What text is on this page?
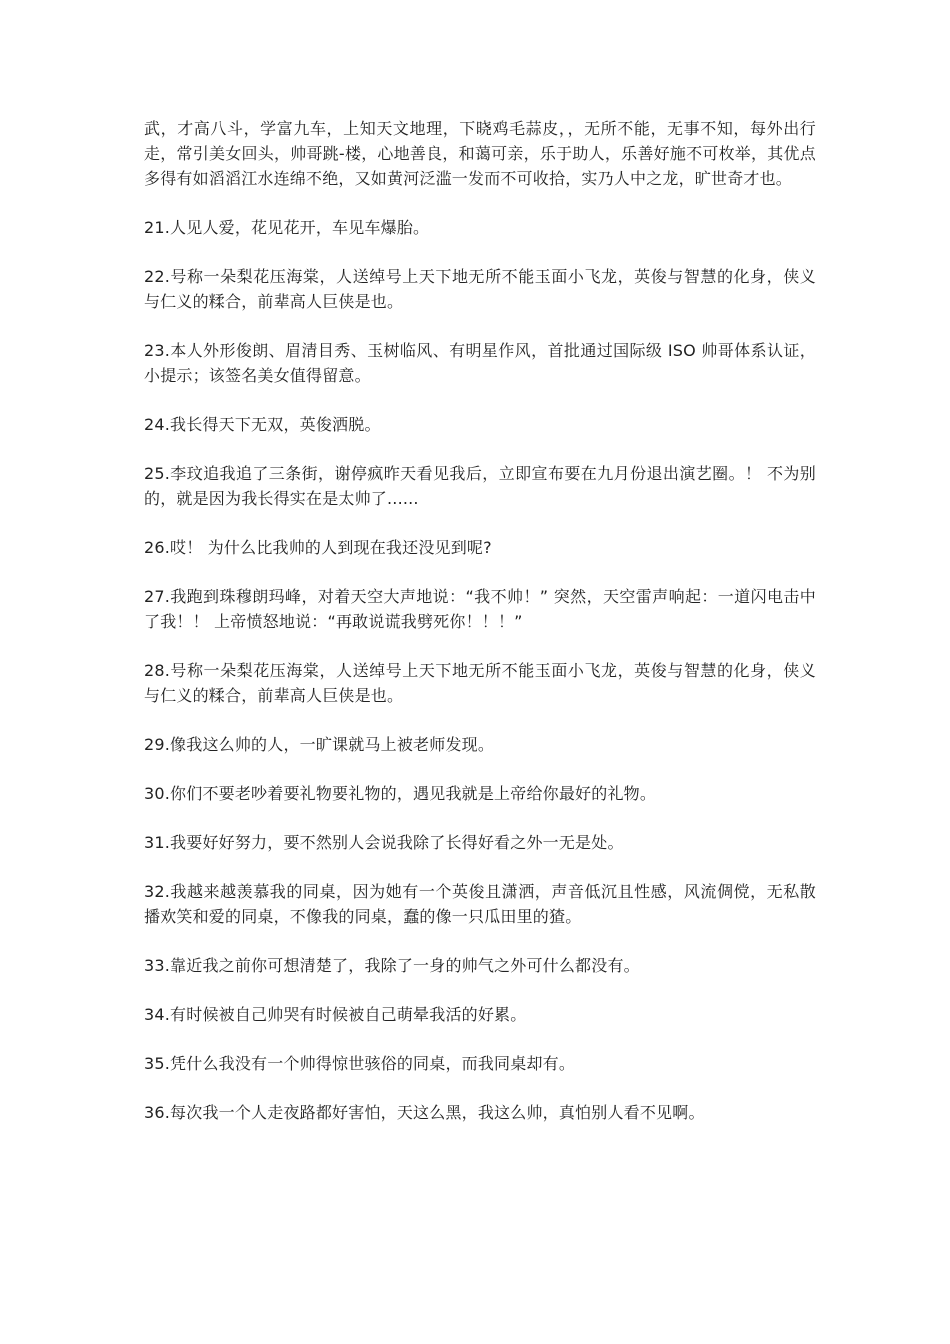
武，才高八斗，学富九车，上知天文地理，下晓鸡毛蒜皮，，无所不能，无事不知，每外出行走，常引美女回头，帅哥跳-楼，心地善良，和蔼可亲，乐于助人，乐善好施不可枚举，其优点多得有如滔滔江水连绵不绝，又如黄河泛滥一发而不可收拾，实乃人中之龙，旷世奇才也。

21.人见人爱，花见花开，车见车爆胎。

22.号称一朵梨花压海棠，人送绰号上天下地无所不能玉面小飞龙，英俊与智慧的化身，侠义与仁义的糅合，前辈高人巨侠是也。

23.本人外形俊朗、眉清目秀、玉树临风、有明星作风，首批通过国际级 ISO 帅哥体系认证，小提示；该签名美女值得留意。

24.我长得天下无双，英俊洒脱。

25.李玟追我追了三条街，谢停疯昨天看见我后，立即宣布要在九月份退出演艺圈。！ 不为别的，就是因为我长得实在是太帅了......

26.哎！ 为什么比我帅的人到现在我还没见到呢?

27.我跑到珠穆朗玛峰，对着天空大声地说：“我不帅！” 突然，天空雷声响起：一道闪电击中了我！！ 上帝愤怒地说：“再敢说谎我劈死你！！！”

28.号称一朵梨花压海棠，人送绰号上天下地无所不能玉面小飞龙，英俊与智慧的化身，侠义与仁义的糅合，前辈高人巨侠是也。

29.像我这么帅的人，一旷课就马上被老师发现。

30.你们不要老吵着要礼物要礼物的，遇见我就是上帝给你最好的礼物。

31.我要好好努力，要不然别人会说我除了长得好看之外一无是处。

32.我越来越羡慕我的同桌，因为她有一个英俊且潇洒，声音低沉且性感，风流倜傥，无私散播欢笑和爱的同桌，不像我的同桌，蠢的像一只瓜田里的猹。

33.靠近我之前你可想清楚了，我除了一身的帅气之外可什么都没有。

34.有时候被自己帅哭有时候被自己萌晕我活的好累。

35.凭什么我没有一个帅得惊世骇俗的同桌，而我同桌却有。

36.每次我一个人走夜路都好害怕，天这么黑，我这么帅，真怕别人看不见啊。
